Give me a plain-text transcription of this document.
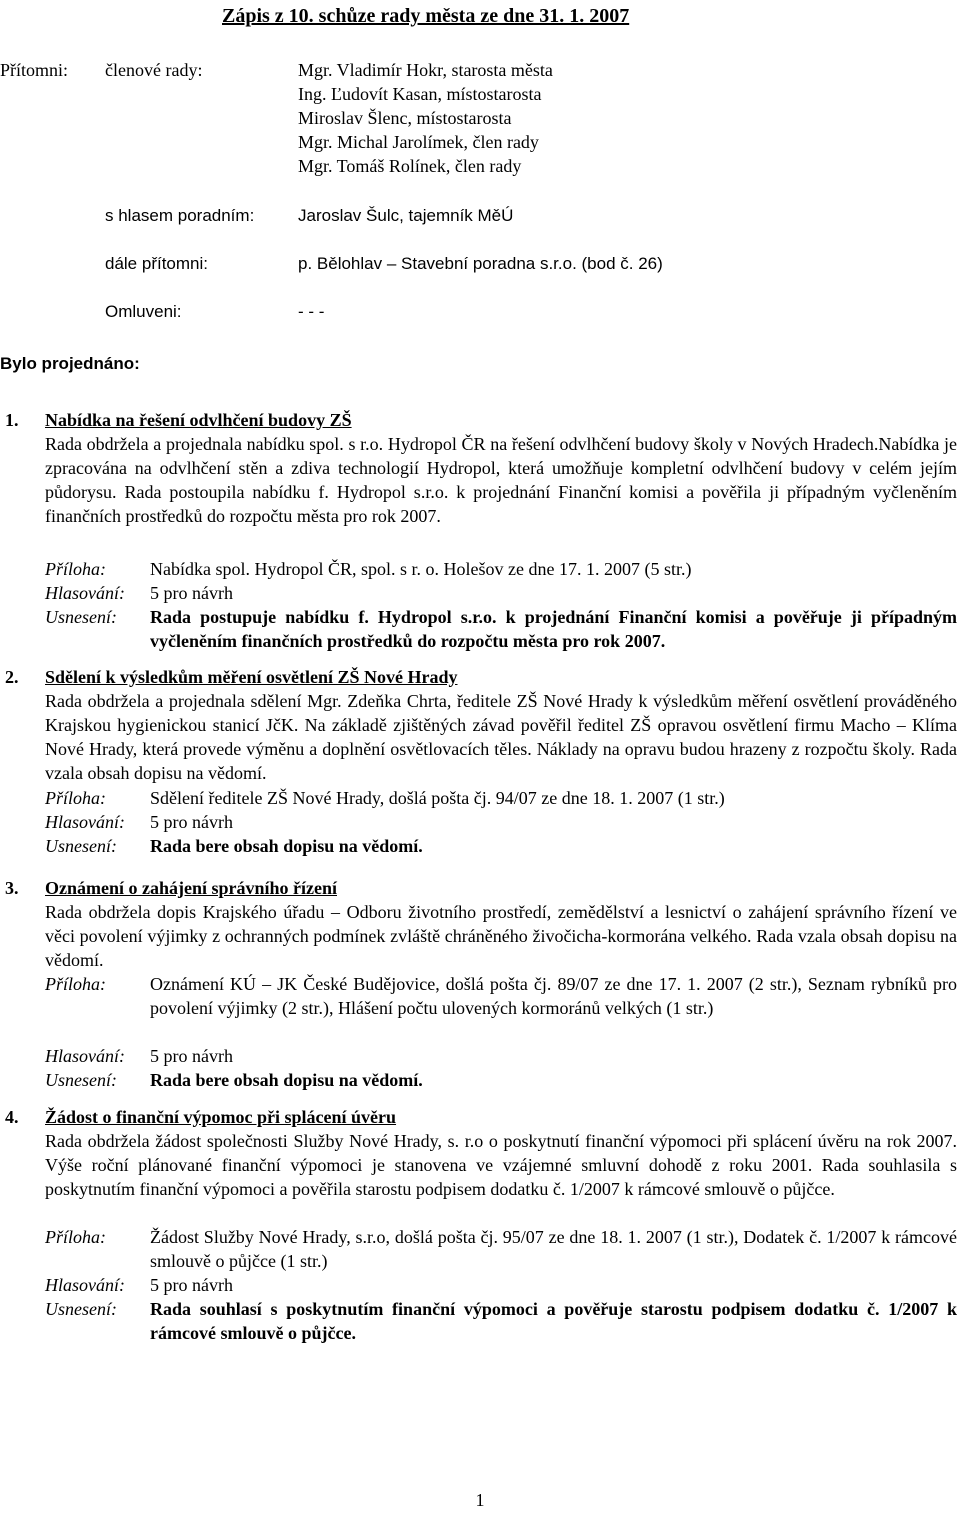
Zápis z 10. schůze rady města ze dne 31. 1. 2007
Přítomni: členové rady:	Mgr. Vladimír Hokr, starosta města
Ing. Ľudovít Kasan, místostarosta
Miroslav Šlenc, místostarosta
Mgr. Michal Jarolímek, člen rady
Mgr. Tomáš Rolínek, člen rady
s hlasem poradním:	Jaroslav Šulc, tajemník MěÚ
dále přítomni:	p. Bělohlav – Stavební poradna s.r.o. (bod č. 26)
Omluveni:	- - -
Bylo projednáno:
1. Nabídka na řešení odvlhčení budovy ZŠ
Rada obdržela a projednala nabídku spol. s r.o. Hydropol ČR na řešení odvlhčení budovy školy v Nových Hradech.Nabídka je zpracována na odvlhčení stěn a zdiva technologií Hydropol, která umožňuje kompletní odvlhčení budovy v celém jejím půdorysu. Rada postoupila nabídku f. Hydropol s.r.o. k projednání Finanční komisi a pověřila ji případným vyčleněním finančních prostředků do rozpočtu města pro rok 2007.
Příloha: Nabídka spol. Hydropol ČR, spol. s r. o. Holešov ze dne 17. 1. 2007 (5 str.)
Hlasování: 5 pro návrh
Usnesení: Rada postupuje nabídku f. Hydropol s.r.o. k projednání Finanční komisi a pověřuje ji případným vyčleněním finančních prostředků do rozpočtu města pro rok 2007.
2. Sdělení k výsledkům měření osvětlení ZŠ Nové Hrady
Rada obdržela a projednala sdělení Mgr. Zdeňka Chrta, ředitele ZŠ Nové Hrady k výsledkům měření osvětlení prováděného Krajskou hygienickou stanicí JčK. Na základě zjištěných závad pověřil ředitel ZŠ opravou osvětlení firmu Macho – Klíma Nové Hrady, která provede výměnu a doplnění osvětlovacích těles. Náklady na opravu budou hrazeny z rozpočtu školy. Rada vzala obsah dopisu na vědomí.
Příloha: Sdělení ředitele ZŠ Nové Hrady, došlá pošta čj. 94/07 ze dne 18. 1. 2007 (1 str.)
Hlasování: 5 pro návrh
Usnesení: Rada bere obsah dopisu na vědomí.
3. Oznámení o zahájení správního řízení
Rada obdržela dopis Krajského úřadu – Odboru životního prostředí, zemědělství a lesnictví o zahájení správního řízení ve věci povolení výjimky z ochranných podmínek zvláště chráněného živočicha-kormorána velkého. Rada vzala obsah dopisu na vědomí.
Příloha: Oznámení KÚ – JK České Budějovice, došlá pošta čj. 89/07 ze dne 17. 1. 2007 (2 str.), Seznam rybníků pro povolení výjimky (2 str.), Hlášení počtu ulovených kormoránů velkých (1 str.)
Hlasování: 5 pro návrh
Usnesení: Rada bere obsah dopisu na vědomí.
4. Žádost o finanční výpomoc při splácení úvěru
Rada obdržela žádost společnosti Služby Nové Hrady, s. r.o o poskytnutí finanční výpomoci při splácení úvěru na rok 2007. Výše roční plánované finanční výpomoci je stanovena ve vzájemné smluvní dohodě z roku 2001. Rada souhlasila s poskytnutím finanční výpomoci a pověřila starostu podpisem dodatku č. 1/2007 k rámcové smlouvě o půjčce.
Příloha: Žádost Služby Nové Hrady, s.r.o, došlá pošta čj. 95/07 ze dne 18. 1. 2007 (1 str.), Dodatek č. 1/2007 k rámcové smlouvě o půjčce (1 str.)
Hlasování: 5 pro návrh
Usnesení: Rada souhlasí s poskytnutím finanční výpomoci a pověřuje starostu podpisem dodatku č. 1/2007 k rámcové smlouvě o půjčce.
1
